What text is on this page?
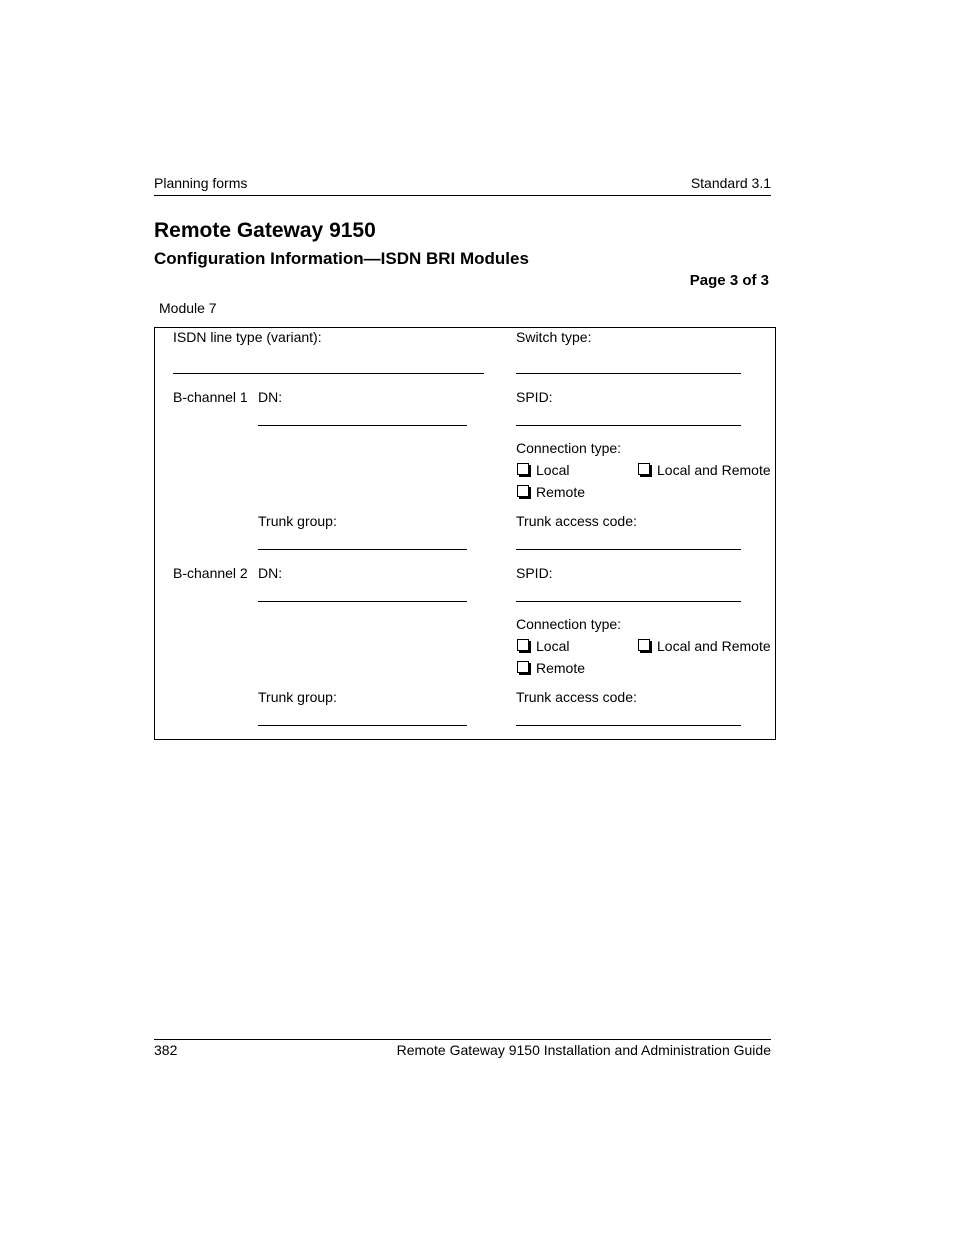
Planning forms	Standard 3.1
Remote Gateway 9150
Configuration Information—ISDN BRI Modules
Page 3 of 3
Module 7
ISDN line type (variant):	Switch type:
B-channel 1 DN:	SPID:
Connection type:
Local	Local and Remote
Remote
Trunk group:	Trunk access code:
B-channel 2 DN:	SPID:
Connection type:
Local	Local and Remote
Remote
Trunk group:	Trunk access code:
382	Remote Gateway 9150 Installation and Administration Guide
